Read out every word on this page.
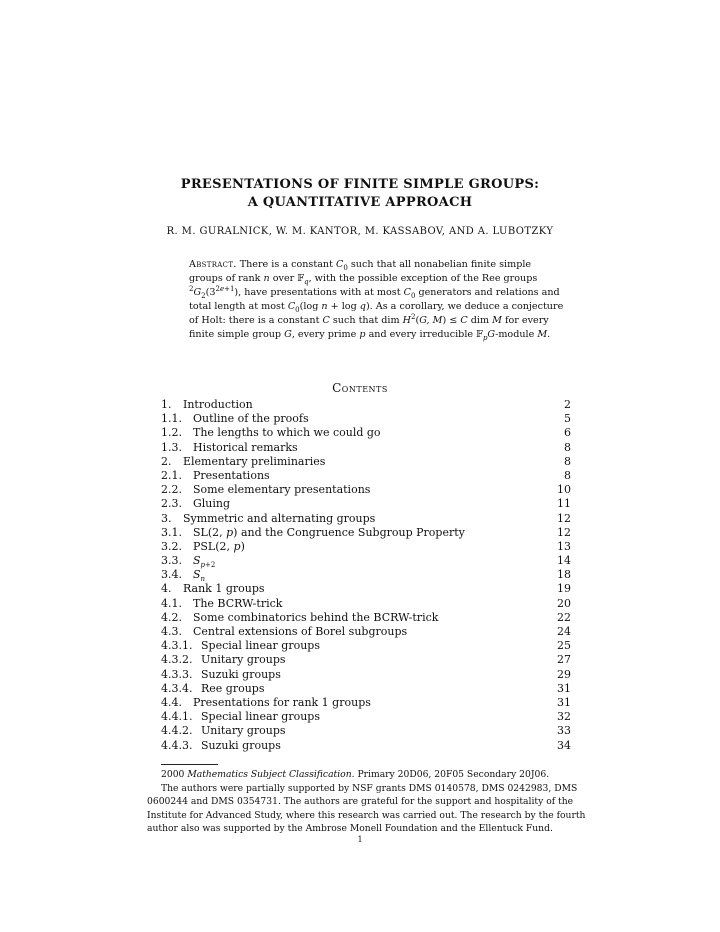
PRESENTATIONS OF FINITE SIMPLE GROUPS:
A QUANTITATIVE APPROACH
R. M. GURALNICK, W. M. KANTOR, M. KASSABOV, AND A. LUBOTZKY
Abstract. There is a constant $C_0$ such that all nonabelian finite simple
groups of rank n over 𝔽$_q$, with the possible exception of the Ree groups
$^2G_2(3^{2e+1})$, have presentations with at most $C_0$ generators and relations and
total length at most $C_0(\log$ n + log q). As a corollary, we deduce a conjecture
of Holt: there is a constant C such that dim $H^2(G$, M) ≤ C dim M for every
finite simple group G, every prime p and every irreducible 𝔽$_p$G-module M.
Contents
1. Introduction	2
1.1. Outline of the proofs	5
1.2. The lengths to which we could go	6
1.3. Historical remarks	8
2. Elementary preliminaries	8
2.1. Presentations	8
2.2. Some elementary presentations	10
2.3. Gluing	11
3. Symmetric and alternating groups	12
3.1. SL(2, p) and the Congruence Subgroup Property	12
3.2. PSL(2, p)	13
3.3. $S_{p+2}$	14
3.4. $S_n$	18
4. Rank 1 groups	19
4.1. The BCRW-trick	20
4.2. Some combinatorics behind the BCRW-trick	22
4.3. Central extensions of Borel subgroups	24
4.3.1. Special linear groups	25
4.3.2. Unitary groups	27
4.3.3. Suzuki groups	29
4.3.4. Ree groups	31
4.4. Presentations for rank 1 groups	31
4.4.1. Special linear groups	32
4.4.2. Unitary groups	33
4.4.3. Suzuki groups	34
2000 Mathematics Subject Classification. Primary 20D06, 20F05 Secondary 20J06.
The authors were partially supported by NSF grants DMS 0140578, DMS 0242983, DMS
0600244 and DMS 0354731. The authors are grateful for the support and hospitality of the
Institute for Advanced Study, where this research was carried out. The research by the fourth
author also was supported by the Ambrose Monell Foundation and the Ellentuck Fund.
1
